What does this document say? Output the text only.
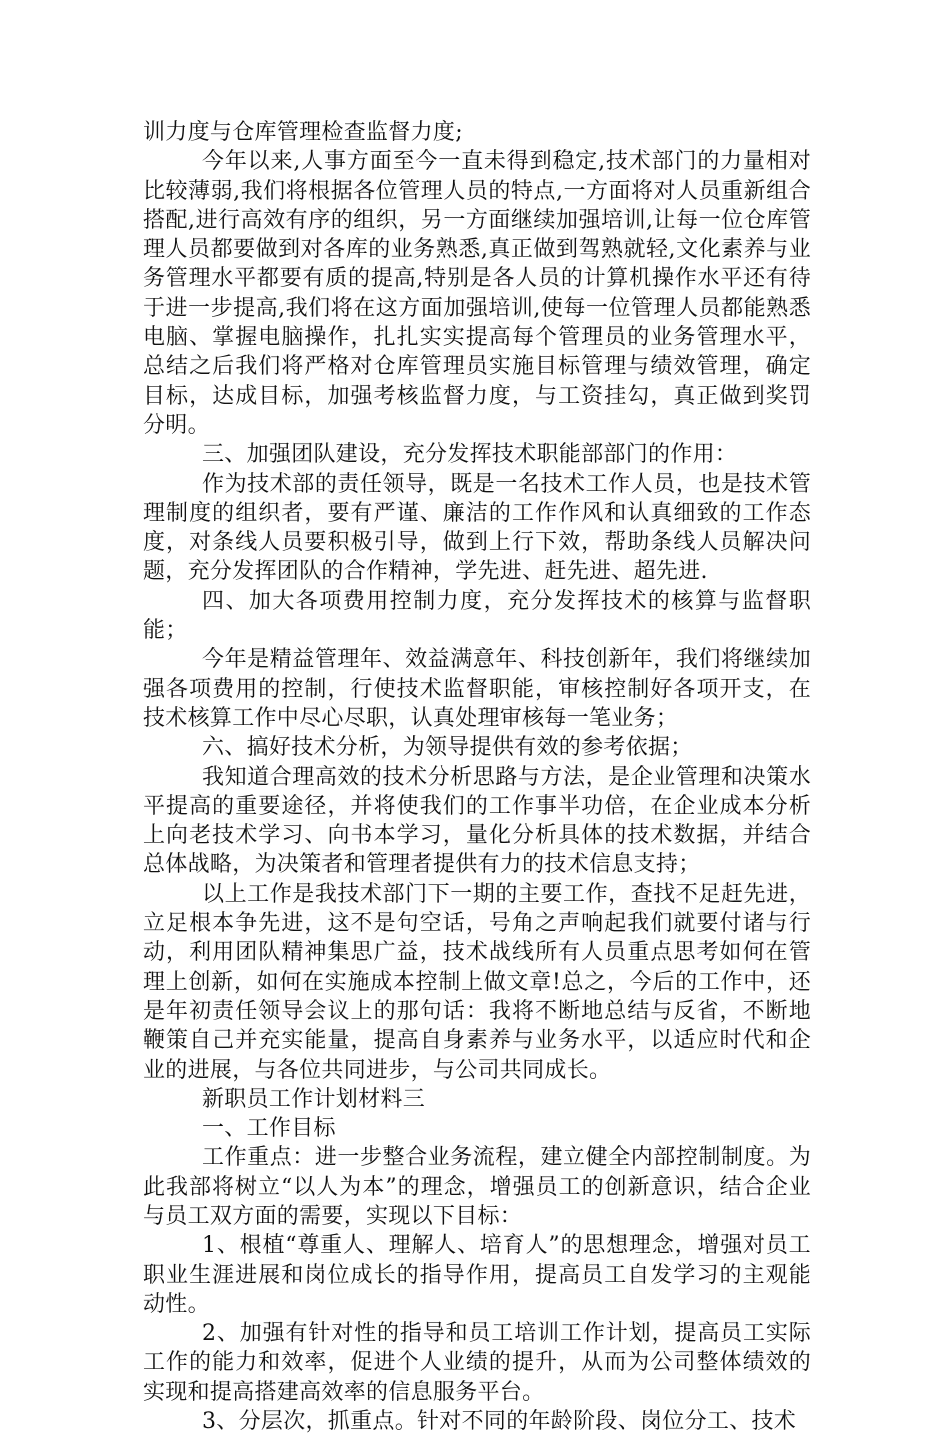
训力度与仓库管理检查监督力度;

今年以来,人事方面至今一直未得到稳定,技术部门的力量相对比较薄弱,我们将根据各位管理人员的特点,一方面将对人员重新组合搭配,进行高效有序的组织，另一方面继续加强培训,让每一位仓库管理人员都要做到对各库的业务熟悉,真正做到驾熟就轻,文化素养与业务管理水平都要有质的提高,特别是各人员的计算机操作水平还有待于进一步提高,我们将在这方面加强培训,使每一位管理人员都能熟悉电脑、掌握电脑操作，扎扎实实提高每个管理员的业务管理水平，总结之后我们将严格对仓库管理员实施目标管理与绩效管理，确定目标，达成目标，加强考核监督力度，与工资挂勾，真正做到奖罚分明。

三、加强团队建设，充分发挥技术职能部部门的作用：

作为技术部的责任领导，既是一名技术工作人员，也是技术管理制度的组织者，要有严谨、廉洁的工作作风和认真细致的工作态度，对条线人员要积极引导，做到上行下效，帮助条线人员解决问题，充分发挥团队的合作精神，学先进、赶先进、超先进.

四、加大各项费用控制力度，充分发挥技术的核算与监督职能；

今年是精益管理年、效益满意年、科技创新年，我们将继续加强各项费用的控制，行使技术监督职能，审核控制好各项开支，在技术核算工作中尽心尽职，认真处理审核每一笔业务；

六、搞好技术分析，为领导提供有效的参考依据；

我知道合理高效的技术分析思路与方法，是企业管理和决策水平提高的重要途径，并将使我们的工作事半功倍，在企业成本分析上向老技术学习、向书本学习，量化分析具体的技术数据，并结合总体战略，为决策者和管理者提供有力的技术信息支持；

以上工作是我技术部门下一期的主要工作，查找不足赶先进，立足根本争先进，这不是句空话，号角之声响起我们就要付诸与行动，利用团队精神集思广益，技术战线所有人员重点思考如何在管理上创新，如何在实施成本控制上做文章!总之，今后的工作中，还是年初责任领导会议上的那句话：我将不断地总结与反省，不断地鞭策自己并充实能量，提高自身素养与业务水平，以适应时代和企业的进展，与各位共同进步，与公司共同成长。

新职员工作计划材料三

一、工作目标

工作重点：进一步整合业务流程，建立健全内部控制制度。为此我部将树立“以人为本”的理念，增强员工的创新意识，结合企业与员工双方面的需要，实现以下目标：

1、根植“尊重人、理解人、培育人”的思想理念，增强对员工职业生涯进展和岗位成长的指导作用，提高员工自发学习的主观能动性。

2、加强有针对性的指导和员工培训工作计划，提高员工实际工作的能力和效率，促进个人业绩的提升，从而为公司整体绩效的实现和提高搭建高效率的信息服务平台。

3、分层次，抓重点。针对不同的年龄阶段、岗位分工、技术
